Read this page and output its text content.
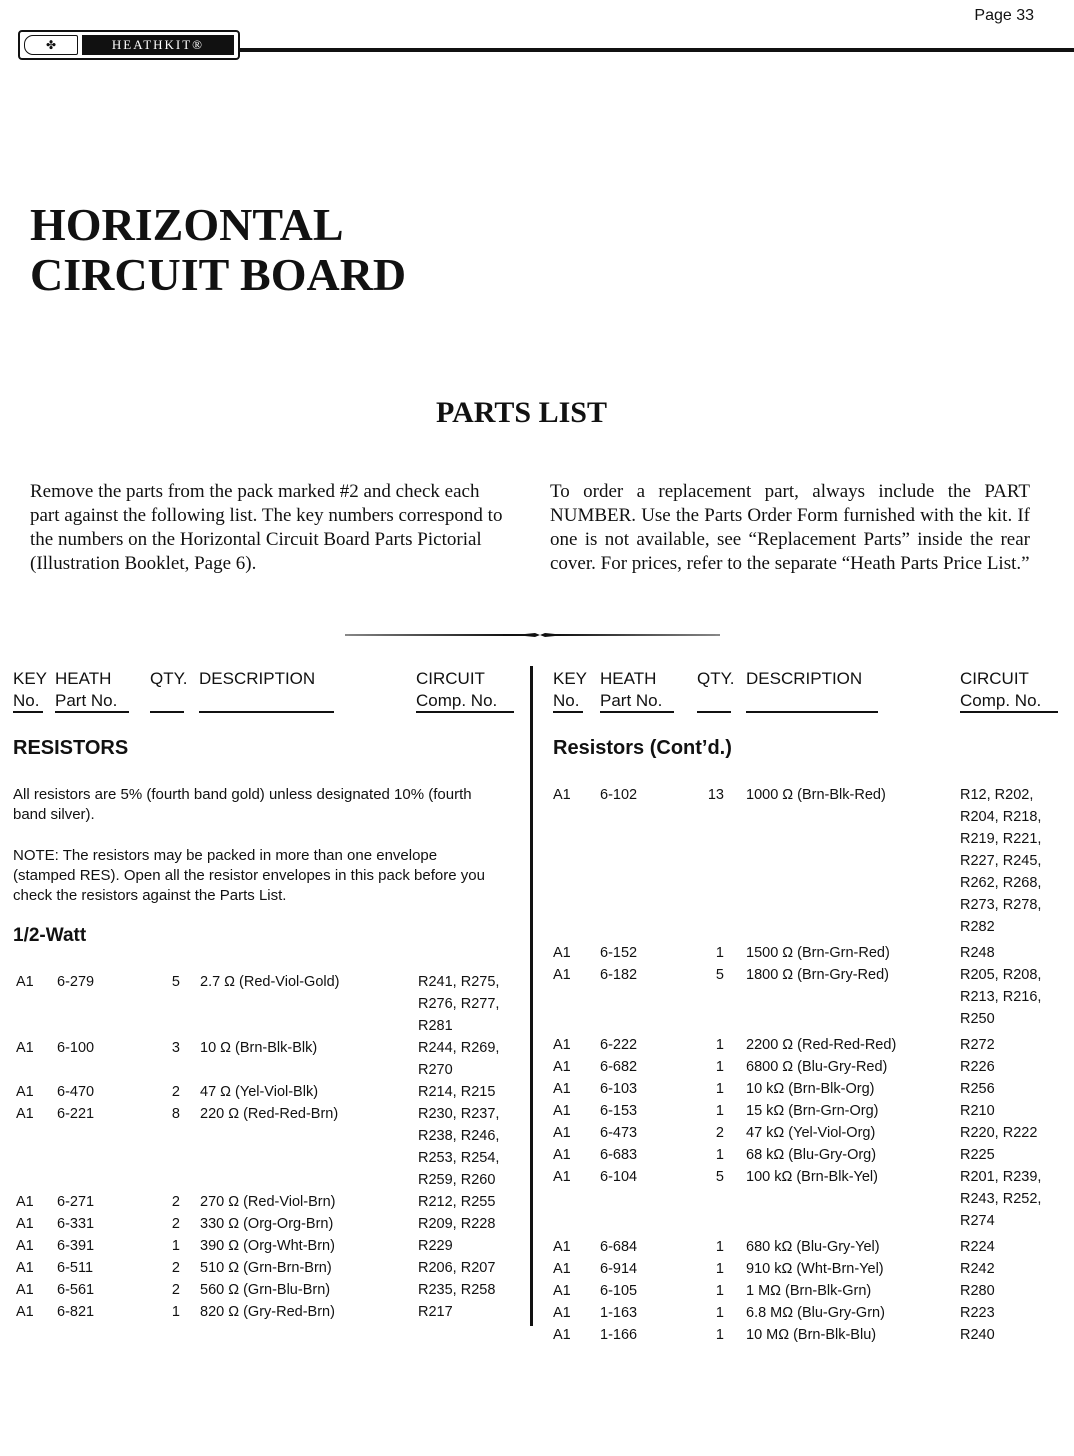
Page 33
✤	HEATHKIT®
HORIZONTAL
CIRCUIT BOARD
PARTS LIST
Remove the parts from the pack marked #2 and check each part against the following list. The key numbers correspond to the numbers on the Horizontal Circuit Board Parts Pictorial (Illustration Booklet, Page 6).
To order a replacement part, always include the PART NUMBER. Use the Parts Order Form furnished with the kit. If one is not available, see “Replacement Parts” inside the rear cover. For prices, refer to the separate “Heath Parts Price List.”
KEY
No.
HEATH
Part No.
QTY. DESCRIPTION	CIRCUIT
Comp. No.
KEY
No.
HEATH
Part No.
QTY. DESCRIPTION	CIRCUIT
Comp. No.
RESISTORS
All resistors are 5% (fourth band gold) unless designated 10% (fourth band silver).
NOTE: The resistors may be packed in more than one envelope (stamped RES). Open all the resistor envelopes in this pack before you check the resistors against the Parts List.
1/2-Watt
A1 6-279	5 2.7 Ω (Red-Viol-Gold)	R241, R275,
R276, R277,
R281
A1 6-100	3 10 Ω (Brn-Blk-Blk)	R244, R269,
R270
A1 6-470	2 47 Ω (Yel-Viol-Blk)	R214, R215
A1 6-221	8 220 Ω (Red-Red-Brn)	R230, R237,
R238, R246,
R253, R254,
R259, R260
A1 6-271	2 270 Ω (Red-Viol-Brn)	R212, R255
A1 6-331	2 330 Ω (Org-Org-Brn)	R209, R228
A1 6-391	1 390 Ω (Org-Wht-Brn)	R229
A1 6-511	2 510 Ω (Grn-Brn-Brn)	R206, R207
A1 6-561	2 560 Ω (Grn-Blu-Brn)	R235, R258
A1 6-821	1 820 Ω (Gry-Red-Brn)	R217
Resistors (Cont’d.)
A1 6-102	13 1000 Ω (Brn-Blk-Red)	R12, R202,
R204, R218,
R219, R221,
R227, R245,
R262, R268,
R273, R278,
R282
A1 6-152	1 1500 Ω (Brn-Grn-Red)	R248
A1 6-182	5 1800 Ω (Brn-Gry-Red)	R205, R208,
R213, R216,
R250
A1 6-222	1 2200 Ω (Red-Red-Red)	R272
A1 6-682	1 6800 Ω (Blu-Gry-Red)	R226
A1 6-103	1 10 kΩ (Brn-Blk-Org)	R256
A1 6-153	1 15 kΩ (Brn-Grn-Org)	R210
A1 6-473	2 47 kΩ (Yel-Viol-Org)	R220, R222
A1 6-683	1 68 kΩ (Blu-Gry-Org)	R225
A1 6-104	5 100 kΩ (Brn-Blk-Yel)	R201, R239,
R243, R252,
R274
A1 6-684	1 680 kΩ (Blu-Gry-Yel)	R224
A1 6-914	1 910 kΩ (Wht-Brn-Yel)	R242
A1 6-105	1 1 MΩ (Brn-Blk-Grn)	R280
A1 1-163	1 6.8 MΩ (Blu-Gry-Grn)	R223
A1 1-166	1 10 MΩ (Brn-Blk-Blu)	R240
